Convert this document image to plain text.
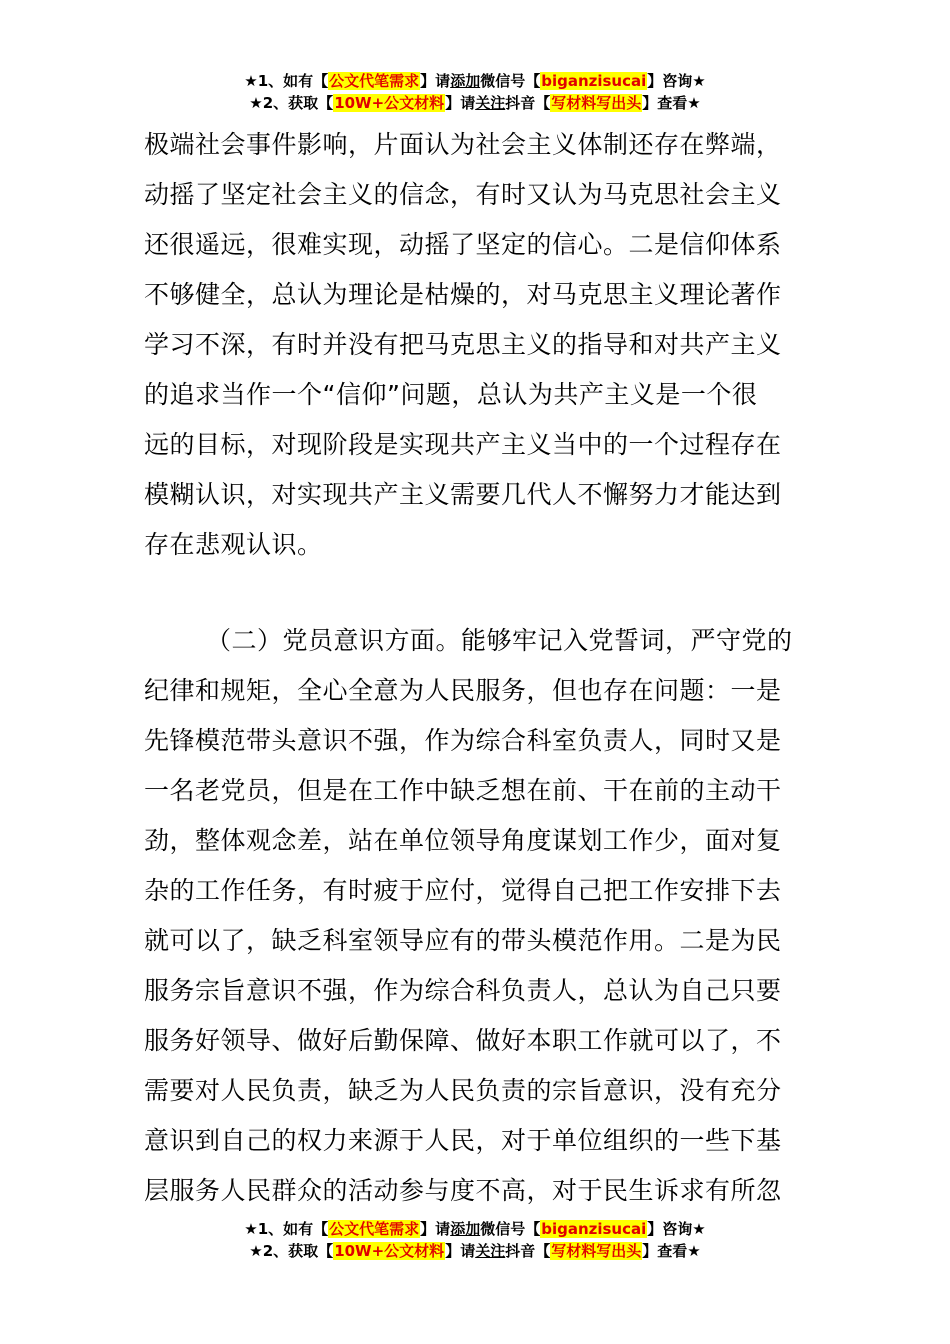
★1、如有【公文代笔需求】请添加微信号【biganzisucai】咨询★
★2、获取【10W+公文材料】请关注抖音【写材料写出头】查看★
极端社会事件影响，片面认为社会主义体制还存在弊端，
动摇了坚定社会主义的信念，有时又认为马克思社会主义
还很遥远，很难实现，动摇了坚定的信心。二是信仰体系
不够健全，总认为理论是枯燥的，对马克思主义理论著作
学习不深，有时并没有把马克思主义的指导和对共产主义
的追求当作一个“信仰”问题，总认为共产主义是一个很
远的目标，对现阶段是实现共产主义当中的一个过程存在
模糊认识，对实现共产主义需要几代人不懈努力才能达到
存在悲观认识。
（二）党员意识方面。能够牢记入党誓词，严守党的
纪律和规矩，全心全意为人民服务，但也存在问题：一是
先锋模范带头意识不强，作为综合科室负责人，同时又是
一名老党员，但是在工作中缺乏想在前、干在前的主动干
劲，整体观念差，站在单位领导角度谋划工作少，面对复
杂的工作任务，有时疲于应付，觉得自己把工作安排下去
就可以了，缺乏科室领导应有的带头模范作用。二是为民
服务宗旨意识不强，作为综合科负责人，总认为自己只要
服务好领导、做好后勤保障、做好本职工作就可以了，不
需要对人民负责，缺乏为人民负责的宗旨意识，没有充分
意识到自己的权力来源于人民，对于单位组织的一些下基
层服务人民群众的活动参与度不高，对于民生诉求有所忽
★1、如有【公文代笔需求】请添加微信号【biganzisucai】咨询★
★2、获取【10W+公文材料】请关注抖音【写材料写出头】查看★
